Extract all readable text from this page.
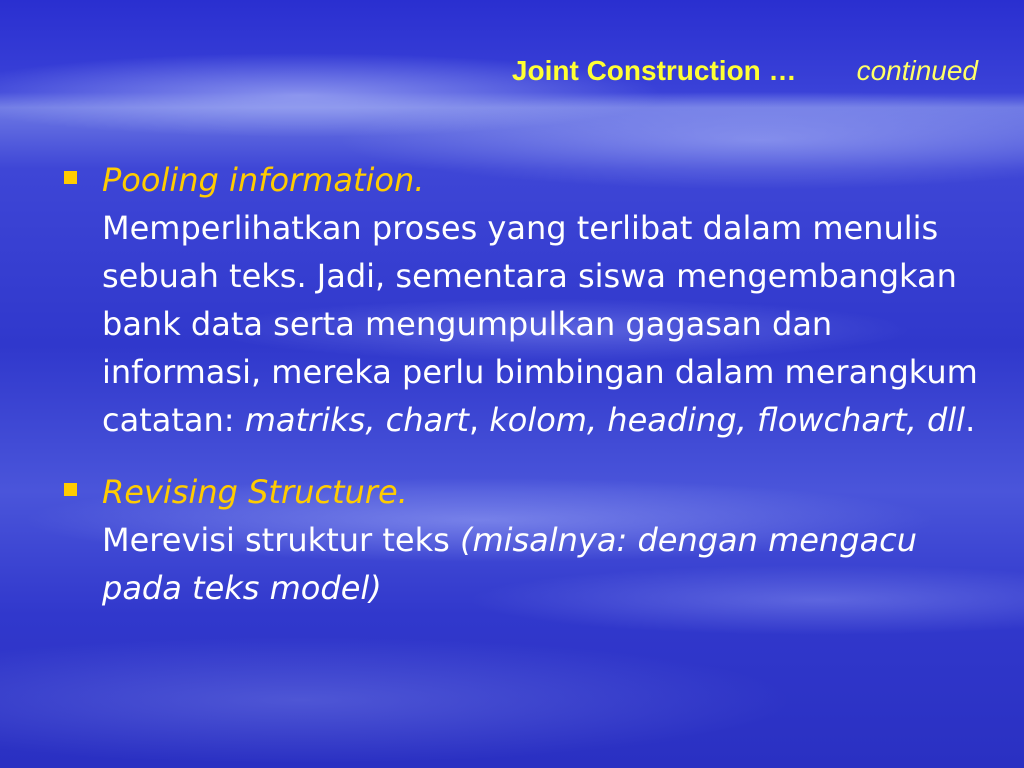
Joint Construction … continued
Pooling information.
Memperlihatkan proses yang terlibat dalam menulis sebuah teks. Jadi, sementara siswa mengembangkan bank data serta mengumpulkan gagasan dan informasi, mereka perlu bimbingan dalam merangkum catatan: matriks, chart, kolom, heading, flowchart, dll.
Revising Structure.
Merevisi struktur teks (misalnya: dengan mengacu pada teks model)
